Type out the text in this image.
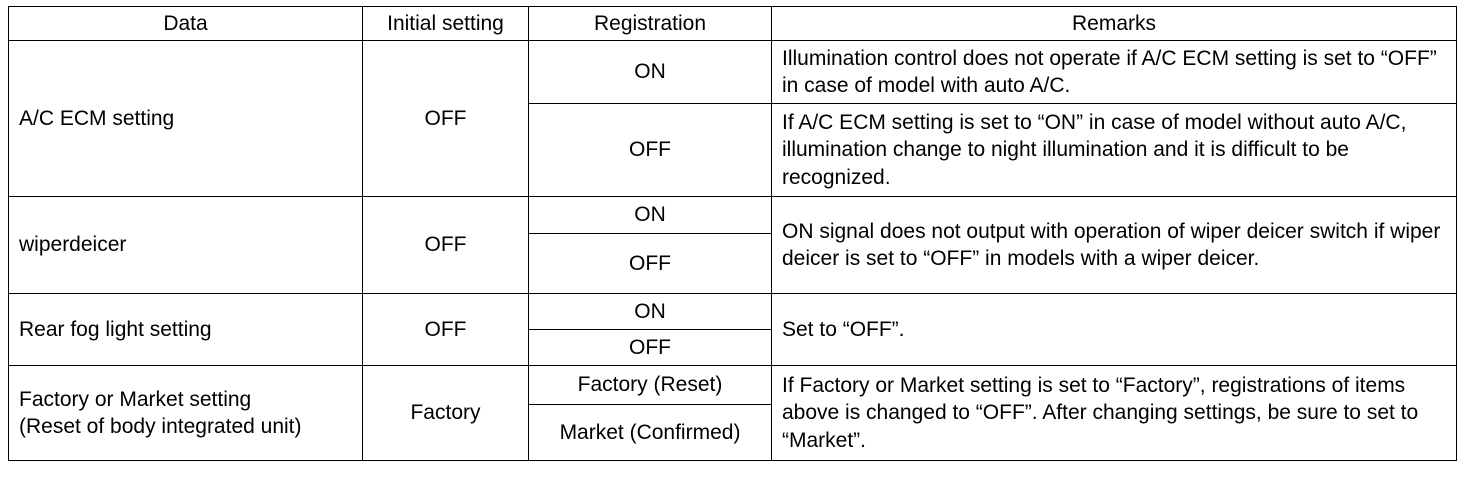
Data	Initial setting	Registration	Remarks
A/C ECM setting	OFF	ON	Illumination control does not operate if A/C ECM setting is set to “OFF” in case of model with auto A/C.
		OFF	If A/C ECM setting is set to “ON” in case of model without auto A/C, illumination change to night illumination and it is difficult to be recognized.
wiperdeicer	OFF	ON	ON signal does not output with operation of wiper deicer switch if wiper deicer is set to “OFF” in models with a wiper deicer.
		OFF	
Rear fog light setting	OFF	ON	Set to “OFF”.
		OFF	
Factory or Market setting
(Reset of body integrated unit)	Factory	Factory (Reset)	If Factory or Market setting is set to “Factory”, registrations of items above is changed to “OFF”. After changing settings, be sure to set to “Market”.
		Market (Confirmed)	
